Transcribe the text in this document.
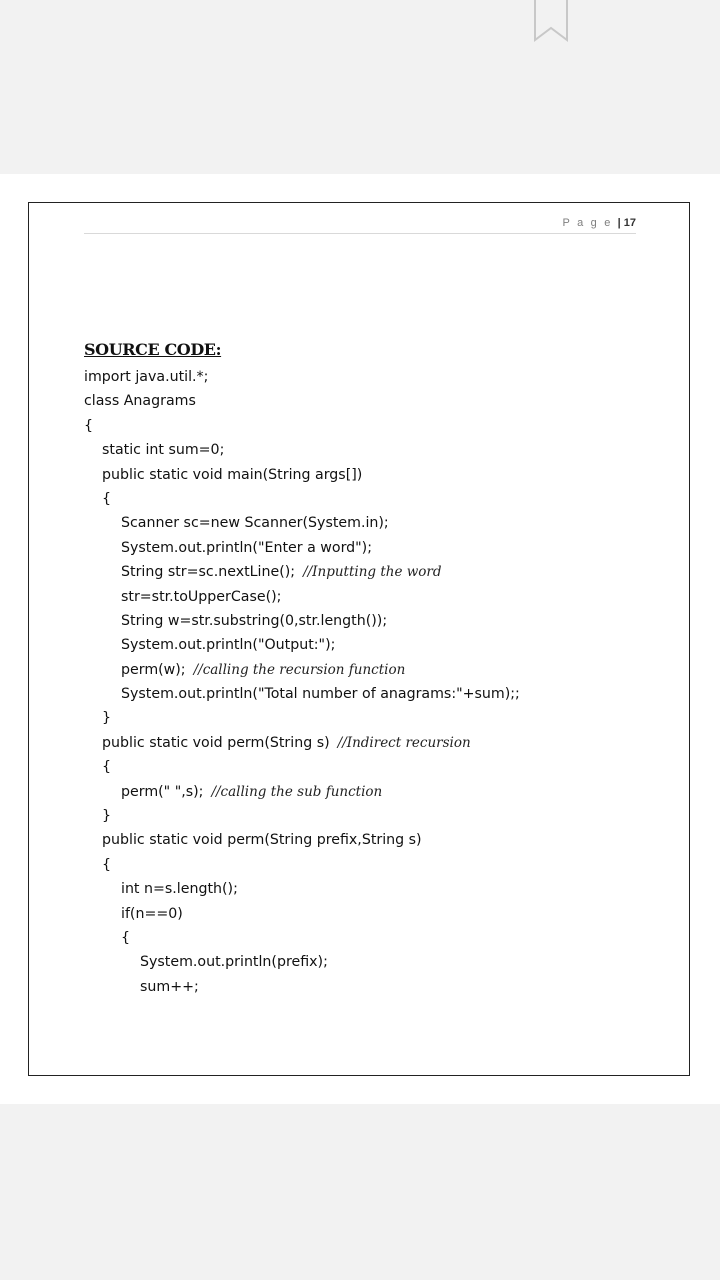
P a g e | 17
SOURCE CODE:
import java.util.*;
class Anagrams
{
static int sum=0;
public static void main(String args[])
{
Scanner sc=new Scanner(System.in);
System.out.println("Enter a word");
String str=sc.nextLine(); //Inputting the word
str=str.toUpperCase();
String w=str.substring(0,str.length());
System.out.println("Output:");
perm(w); //calling the recursion function
System.out.println("Total number of anagrams:"+sum);;
}
public static void perm(String s) //Indirect recursion
{
perm(" ",s); //calling the sub function
}
public static void perm(String prefix,String s)
{
int n=s.length();
if(n==0)
{
System.out.println(prefix);
sum++;
